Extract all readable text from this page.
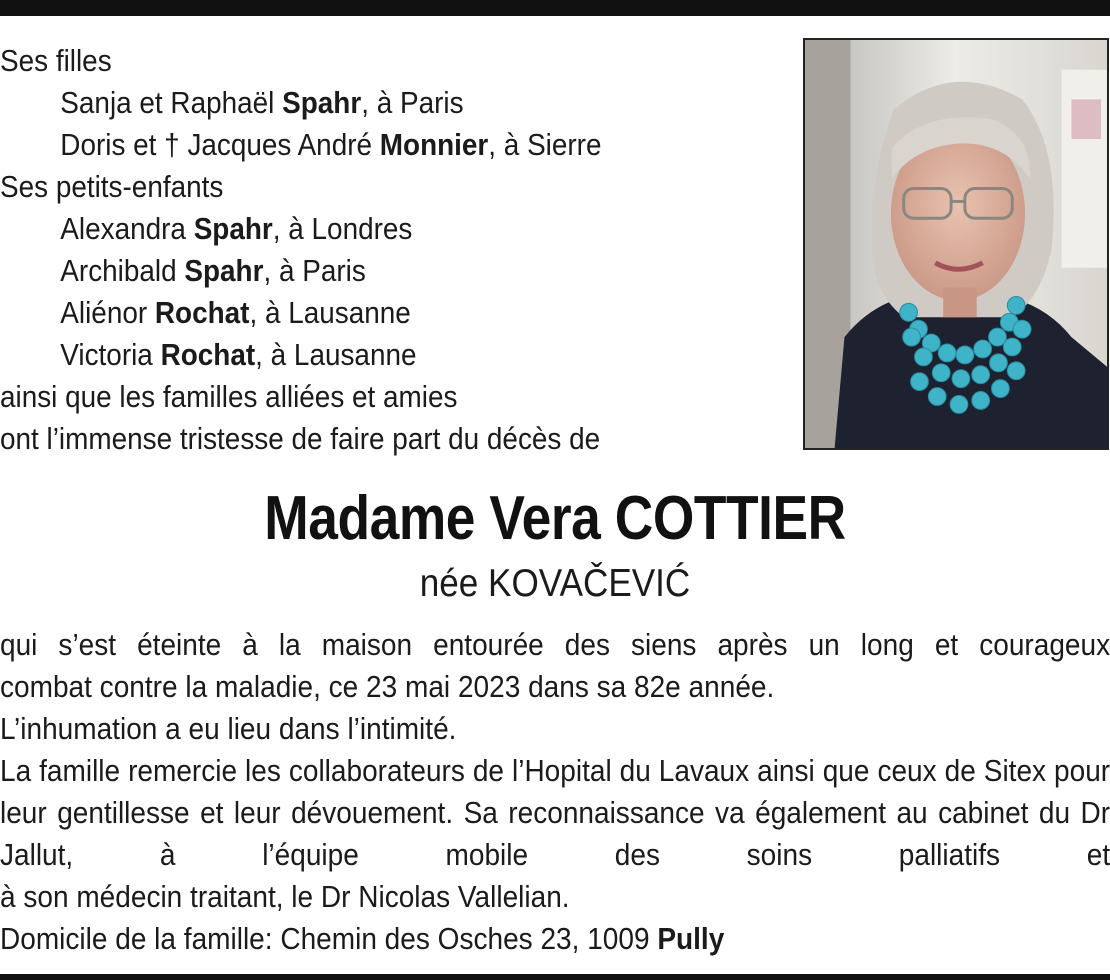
Ses filles
Sanja et Raphaël Spahr, à Paris
Doris et † Jacques André Monnier, à Sierre
Ses petits-enfants
Alexandra Spahr, à Londres
Archibald Spahr, à Paris
Aliénor Rochat, à Lausanne
Victoria Rochat, à Lausanne
ainsi que les familles alliées et amies
ont l’immense tristesse de faire part du décès de
Madame Vera COTTIER
née KOVAČEVIĆ
qui s’est éteinte à la maison entourée des siens après un long et courageux
combat contre la maladie, ce 23 mai 2023 dans sa 82e année.
L’inhumation a eu lieu dans l’intimité.
La famille remercie les collaborateurs de l’Hopital du Lavaux ainsi que ceux de Sitex pour leur gentillesse et leur dévouement. Sa reconnaissance va également au cabinet du Dr Jallut, à l’équipe mobile des soins palliatifs et
à son médecin traitant, le Dr Nicolas Vallelian.
Domicile de la famille: Chemin des Osches 23, 1009 Pully
